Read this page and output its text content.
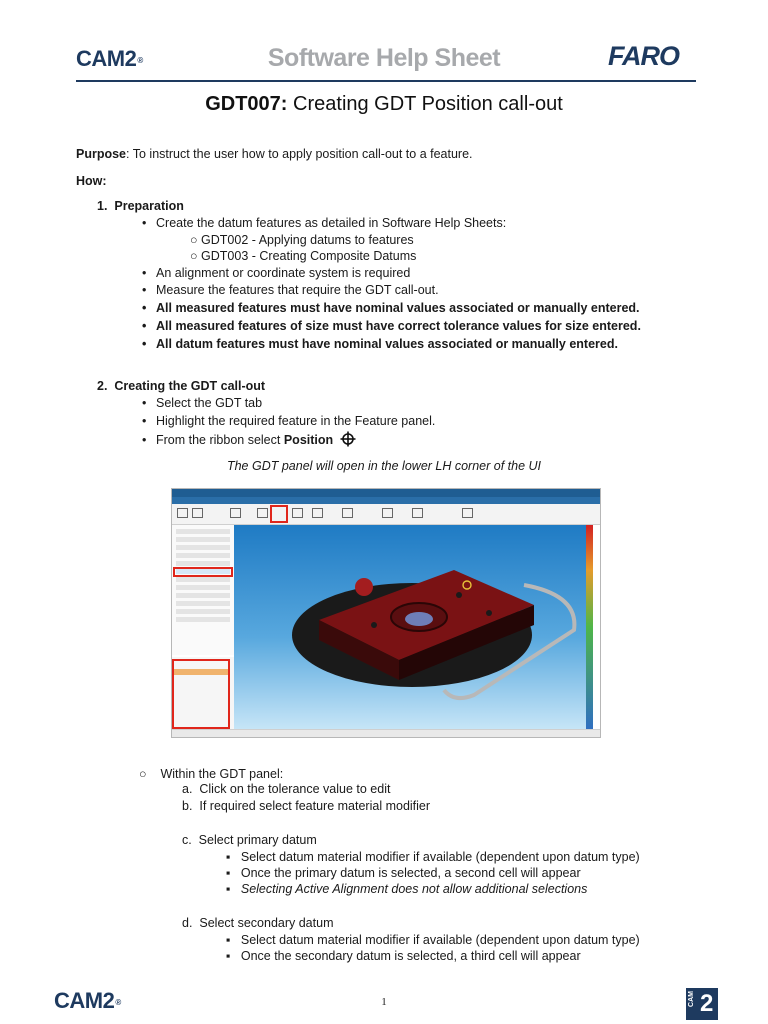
CAM2®	Software Help Sheet	FARO
GDT007: Creating GDT Position call-out
Purpose: To instruct the user how to apply position call-out to a feature.
How:
1. Preparation
• Create the datum features as detailed in Software Help Sheets:
○ GDT002 - Applying datums to features
○ GDT003 - Creating Composite Datums
• An alignment or coordinate system is required
• Measure the features that require the GDT call-out.
• All measured features must have nominal values associated or manually entered.
• All measured features of size must have correct tolerance values for size entered.
• All datum features must have nominal values associated or manually entered.
2. Creating the GDT call-out
• Select the GDT tab
• Highlight the required feature in the Feature panel.
• From the ribbon select Position
The GDT panel will open in the lower LH corner of the UI
○    Within the GDT panel:
a.  Click on the tolerance value to edit
b.  If required select feature material modifier
c.  Select primary datum
▪   Select datum material modifier if available (dependent upon datum type)
▪   Once the primary datum is selected, a second cell will appear
▪   Selecting Active Alignment does not allow additional selections
d.  Select secondary datum
▪   Select datum material modifier if available (dependent upon datum type)
▪   Once the secondary datum is selected, a third cell will appear
CAM2®	1	CAM 2
